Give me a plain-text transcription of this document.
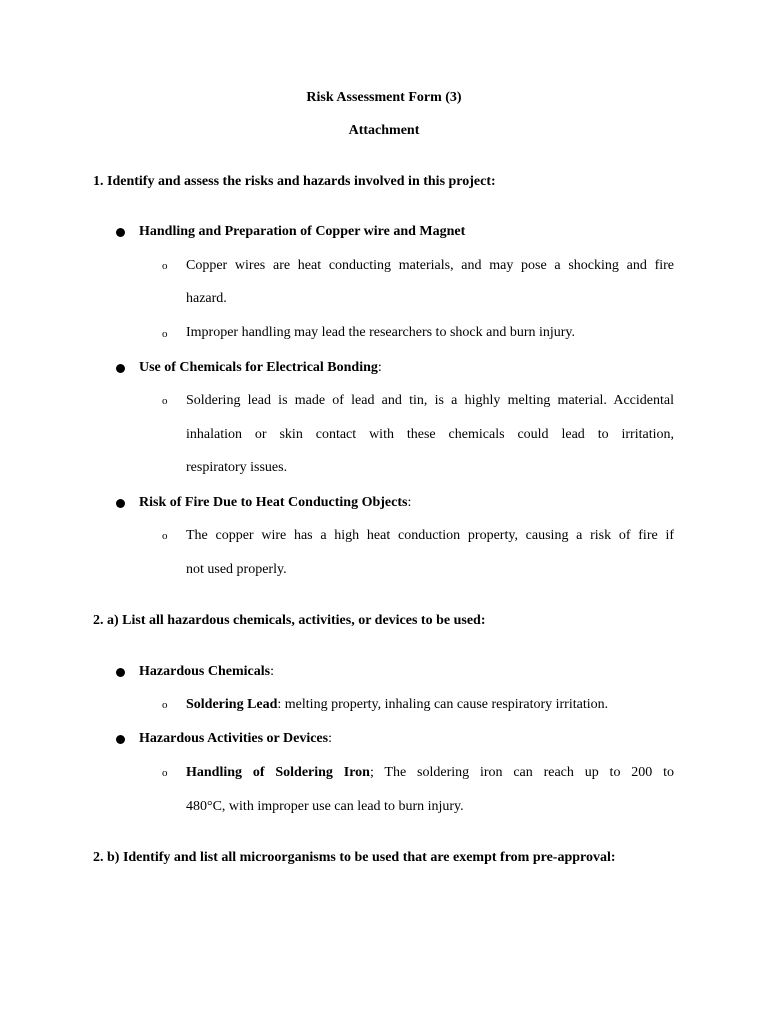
Risk Assessment Form (3)
Attachment
1. Identify and assess the risks and hazards involved in this project:
Handling and Preparation of Copper wire and Magnet
o Copper wires are heat conducting materials, and may pose a shocking and fire
hazard.
o Improper handling may lead the researchers to shock and burn injury.
Use of Chemicals for Electrical Bonding:
o Soldering lead is made of lead and tin, is a highly melting material. Accidental
inhalation or skin contact with these chemicals could lead to irritation,
respiratory issues.
Risk of Fire Due to Heat Conducting Objects:
o The copper wire has a high heat conduction property, causing a risk of fire if
not used properly.
2. a) List all hazardous chemicals, activities, or devices to be used:
Hazardous Chemicals:
o Soldering Lead: melting property, inhaling can cause respiratory irritation.
Hazardous Activities or Devices:
o Handling of Soldering Iron; The soldering iron can reach up to 200 to
480°C, with improper use can lead to burn injury.
2. b) Identify and list all microorganisms to be used that are exempt from pre-approval:
